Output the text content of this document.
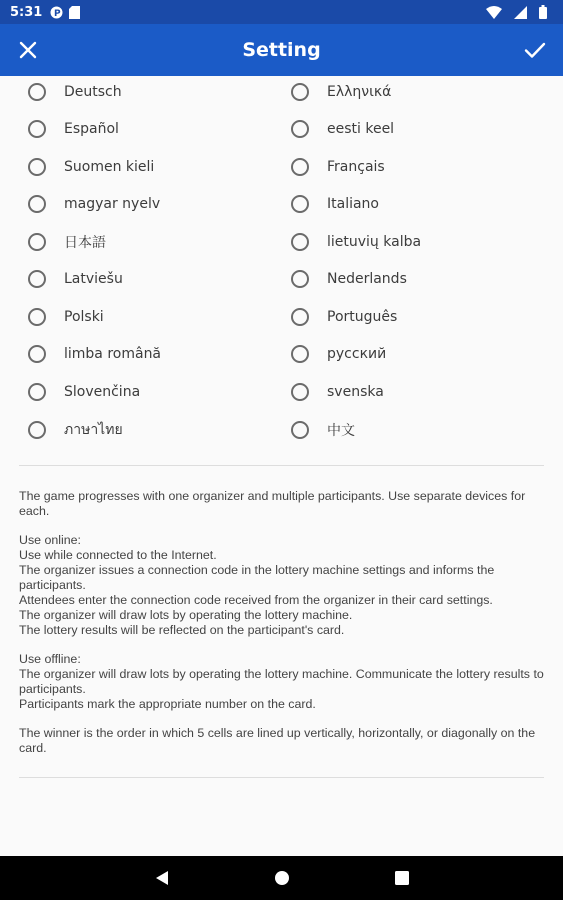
5:31 P
Setting
Deutsch	Ελληνικά
Español	eesti keel
Suomen kieli	Français
magyar nyelv	Italiano
日本語	lietuvių kalba
Latviešu	Nederlands
Polski	Português
limba română	русский
Slovenčina	svenska
ภาษาไทย	中文

The game progresses with one organizer and multiple participants. Use separate devices for each.

Use online:

Use while connected to the Internet.

The organizer issues a connection code in the lottery machine settings and informs the participants.

Attendees enter the connection code received from the organizer in their card settings.

The organizer will draw lots by operating the lottery machine.

The lottery results will be reflected on the participant's card.

Use offline:

The organizer will draw lots by operating the lottery machine. Communicate the lottery results to participants.

Participants mark the appropriate number on the card.

The winner is the order in which 5 cells are lined up vertically, horizontally, or diagonally on the card.
